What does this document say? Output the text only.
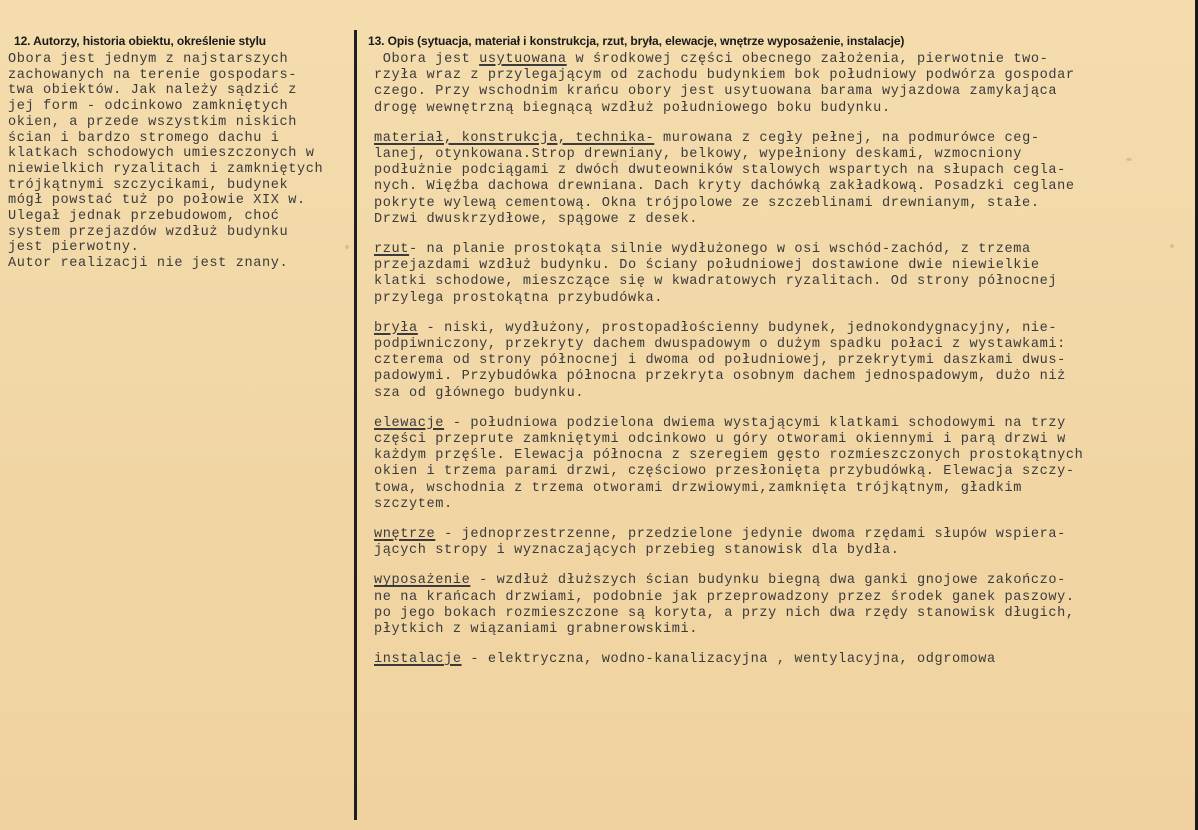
12. Autorzy, historia obiektu, określenie stylu	13. Opis (sytuacja, materiał i konstrukcja, rzut, bryła, elewacje, wnętrze wyposażenie, instalacje)
Obora jest jednym z najstarszych
zachowanych na terenie gospodars-
twa obiektów. Jak należy sądzić z
jej form - odcinkowo zamkniętych
okien, a przede wszystkim niskich
ścian i bardzo stromego dachu i
klatkach schodowych umieszczonych w
niewielkich ryzalitach i zamkniętych
trójkątnymi szczycikami, budynek
mógł powstać tuż po połowie XIX w.
Ulegał jednak przebudowom, choć
system przejazdów wzdłuż budynku
jest pierwotny.
Autor realizacji nie jest znany.
Obora jest usytuowana w środkowej części obecnego założenia, pierwotnie two-
rzyła wraz z przylegającym od zachodu budynkiem bok południowy podwórza gospodar
czego. Przy wschodnim krańcu obory jest usytuowana barama wyjazdowa zamykająca
drogę wewnętrzną biegnącą wzdłuż południowego boku budynku.
materiał, konstrukcja, technika- murowana z cegły pełnej, na podmurówce ceg-
lanej, otynkowana.Strop drewniany, belkowy, wypełniony deskami, wzmocniony
podłużnie podciągami z dwóch dwuteowników stalowych wspartych na słupach cegla-
nych. Więźba dachowa drewniana. Dach kryty dachówką zakładkową. Posadzki ceglane
pokryte wylewą cementową. Okna trójpolowe ze szczeblinami drewnianym, stałe.
Drzwi dwuskrzydłowe, spągowe z desek.
rzut- na planie prostokąta silnie wydłużonego w osi wschód-zachód, z trzema
przejazdami wzdłuż budynku. Do ściany południowej dostawione dwie niewielkie
klatki schodowe, mieszczące się w kwadratowych ryzalitach. Od strony północnej
przylega prostokątna przybudówka.
bryła - niski, wydłużony, prostopadłościenny budynek, jednokondygnacyjny, nie-
podpiwniczony, przekryty dachem dwuspadowym o dużym spadku połaci z wystawkami:
czterema od strony północnej i dwoma od południowej, przekrytymi daszkami dwus-
padowymi. Przybudówka północna przekryta osobnym dachem jednospadowym, dużo niż
sza od głównego budynku.
elewacje - południowa podzielona dwiema wystającymi klatkami schodowymi na trzy
części przeprute zamkniętymi odcinkowo u góry otworami okiennymi i parą drzwi w
każdym przęśle. Elewacja północna z szeregiem gęsto rozmieszczonych prostokątnych
okien i trzema parami drzwi, częściowo przesłonięta przybudówką. Elewacja szczy-
towa, wschodnia z trzema otworami drzwiowymi,zamknięta trójkątnym, gładkim
szczytem.
wnętrze - jednoprzestrzenne, przedzielone jedynie dwoma rzędami słupów wspiera-
jących stropy i wyznaczających przebieg stanowisk dla bydła.
wyposażenie - wzdłuż dłuższych ścian budynku biegną dwa ganki gnojowe zakończo-
ne na krańcach drzwiami, podobnie jak przeprowadzony przez środek ganek paszowy.
po jego bokach rozmieszczone są koryta, a przy nich dwa rzędy stanowisk długich,
płytkich z wiązaniami grabnerowskimi.
instalacje - elektryczna, wodno-kanalizacyjna , wentylacyjna, odgromowa
